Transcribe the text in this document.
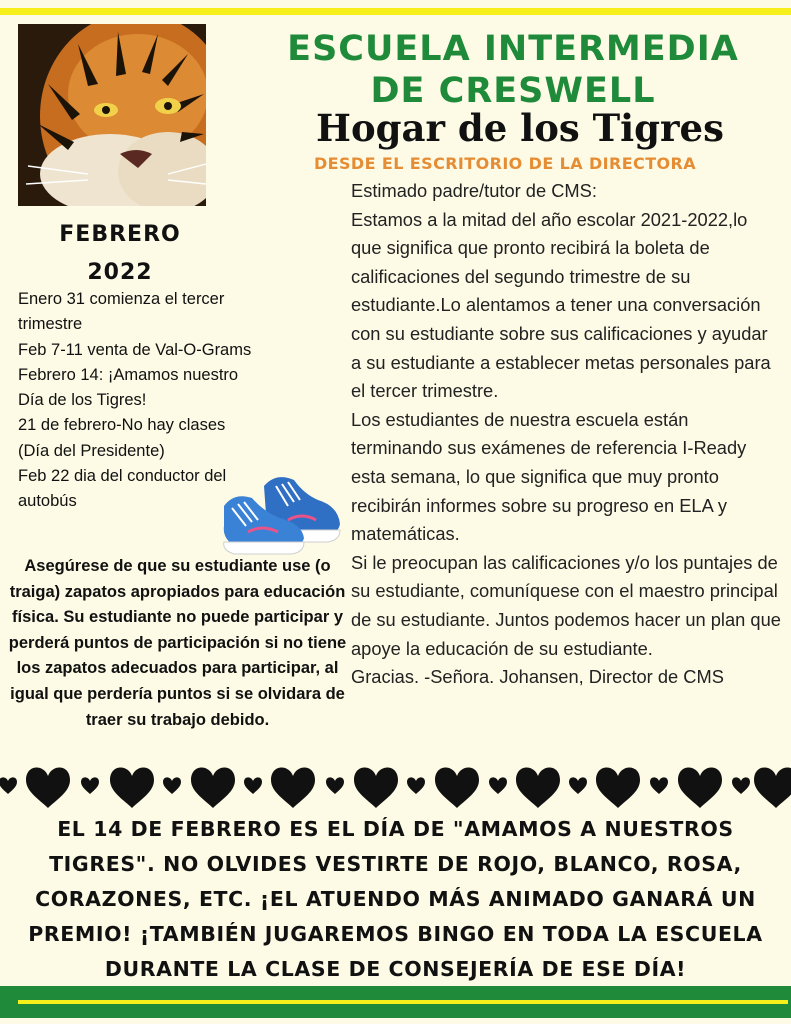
ESCUELA INTERMEDIA
DE CRESWELL
Hogar de los Tigres
DESDE EL ESCRITORIO DE LA DIRECTORA
FEBRERO
2022
Enero 31 comienza el tercer trimestre
Feb 7-11 venta de Val-O-Grams
Febrero 14: ¡Amamos nuestro Día de los Tigres!
21 de febrero-No hay clases (Día del Presidente)
Feb 22 dia del conductor del autobús
Asegúrese de que su estudiante use (o traiga) zapatos apropiados para educación física. Su estudiante no puede participar y perderá puntos de participación si no tiene los zapatos adecuados para participar, al igual que perdería puntos si se olvidara de traer su trabajo debido.
Estimado padre/tutor de CMS:
Estamos a la mitad del año escolar 2021-2022,lo que significa que pronto recibirá la boleta de calificaciones del segundo trimestre de su estudiante.Lo alentamos a tener una conversación con su estudiante sobre sus calificaciones y ayudar a su estudiante a establecer metas personales para el tercer trimestre.
Los estudiantes de nuestra escuela están terminando sus exámenes de referencia I-Ready esta semana, lo que significa que muy pronto recibirán informes sobre su progreso en ELA y matemáticas.
Si le preocupan las calificaciones y/o los puntajes de su estudiante, comuníquese con el maestro principal de su estudiante. Juntos podemos hacer un plan que apoye la educación de su estudiante.
Gracias. -Señora. Johansen, Director de CMS
EL 14 DE FEBRERO ES EL DÍA DE "AMAMOS A NUESTROS TIGRES". NO OLVIDES VESTIRTE DE ROJO, BLANCO, ROSA, CORAZONES, ETC. ¡EL ATUENDO MÁS ANIMADO GANARÁ UN PREMIO! ¡TAMBIÉN JUGAREMOS BINGO EN TODA LA ESCUELA DURANTE LA CLASE DE CONSEJERÍA DE ESE DÍA!
